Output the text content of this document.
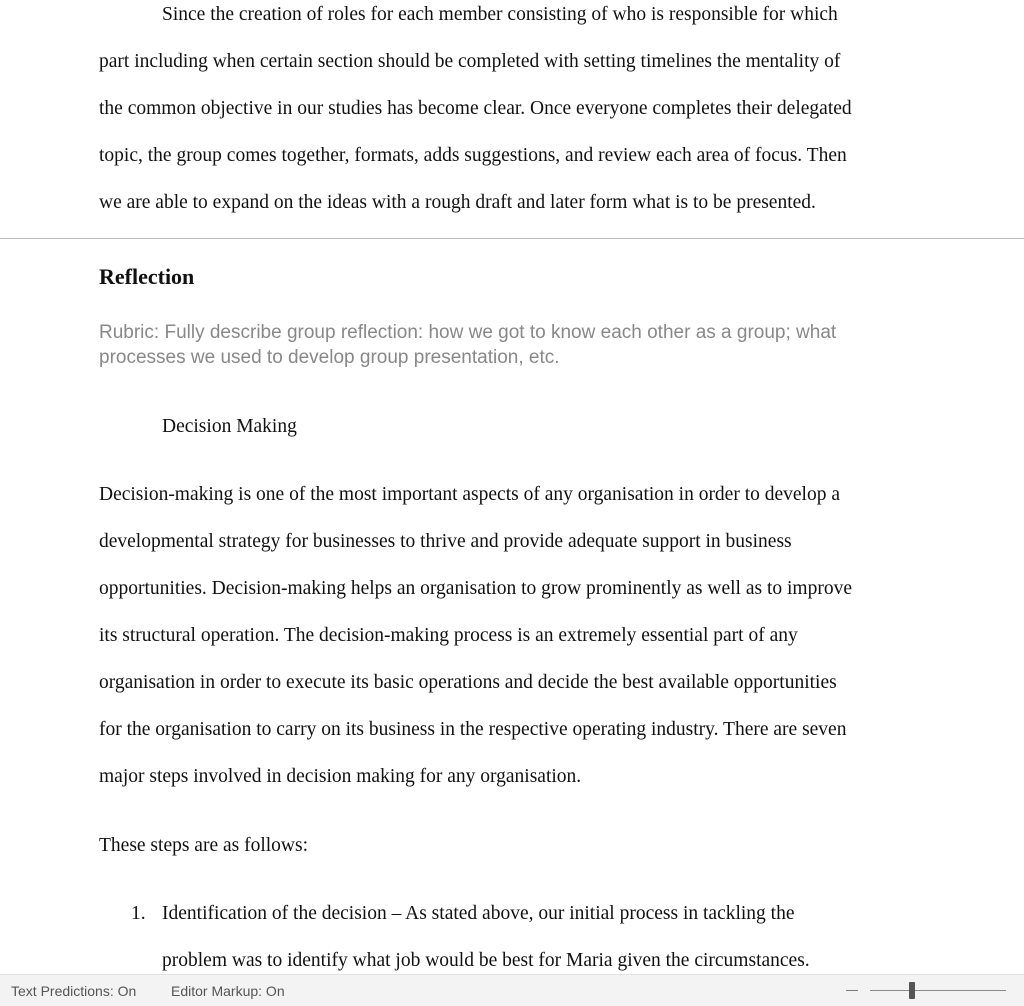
Since the creation of roles for each member consisting of who is responsible for which
part including when certain section should be completed with setting timelines the mentality of
the common objective in our studies has become clear. Once everyone completes their delegated
topic, the group comes together, formats, adds suggestions, and review each area of focus. Then
we are able to expand on the ideas with a rough draft and later form what is to be presented.
Reflection
Rubric: Fully describe group reflection: how we got to know each other as a group; what
processes we used to develop group presentation, etc.
Decision Making
Decision-making is one of the most important aspects of any organisation in order to develop a
developmental strategy for businesses to thrive and provide adequate support in business
opportunities. Decision-making helps an organisation to grow prominently as well as to improve
its structural operation. The decision-making process is an extremely essential part of any
organisation in order to execute its basic operations and decide the best available opportunities
for the organisation to carry on its business in the respective operating industry. There are seven
major steps involved in decision making for any organisation.
These steps are as follows:
1. Identification of the decision – As stated above, our initial process in tackling the
problem was to identify what job would be best for Maria given the circumstances.
Text Predictions: On Editor Markup: On
